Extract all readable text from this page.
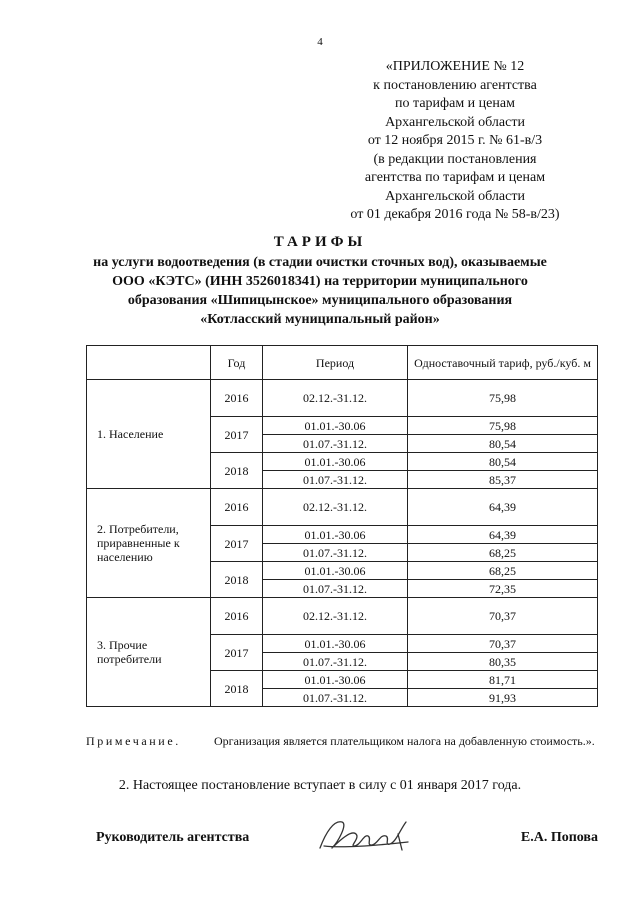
4
«ПРИЛОЖЕНИЕ № 12
к постановлению агентства
по тарифам и ценам
Архангельской области
от 12 ноября 2015 г. № 61-в/3
(в редакции постановления
агентства по тарифам и ценам
Архангельской области
от 01 декабря 2016 года № 58-в/23)
ТАРИФЫ
на услуги водоотведения (в стадии очистки сточных вод), оказываемые
ООО «КЭТС» (ИНН 3526018341) на территории муниципального
образования «Шипицынское» муниципального образования
«Котласский муниципальный район»
	Год	Период	Одноставочный тариф, руб./куб. м
1. Население	2016	02.12.-31.12.	75,98
	2017	01.01.-30.06	75,98
		01.07.-31.12.	80,54
	2018	01.01.-30.06	80,54
		01.07.-31.12.	85,37
2. Потребители, приравненные к населению	2016	02.12.-31.12.	64,39
	2017	01.01.-30.06	64,39
		01.07.-31.12.	68,25
	2018	01.01.-30.06	68,25
		01.07.-31.12.	72,35
3. Прочие потребители	2016	02.12.-31.12.	70,37
	2017	01.01.-30.06	70,37
		01.07.-31.12.	80,35
	2018	01.01.-30.06	81,71
		01.07.-31.12.	91,93
Примечание.	Организация является плательщиком налога на добавленную стоимость.».
2. Настоящее постановление вступает в силу с 01 января 2017 года.
Руководитель агентства	Е.А. Попова
